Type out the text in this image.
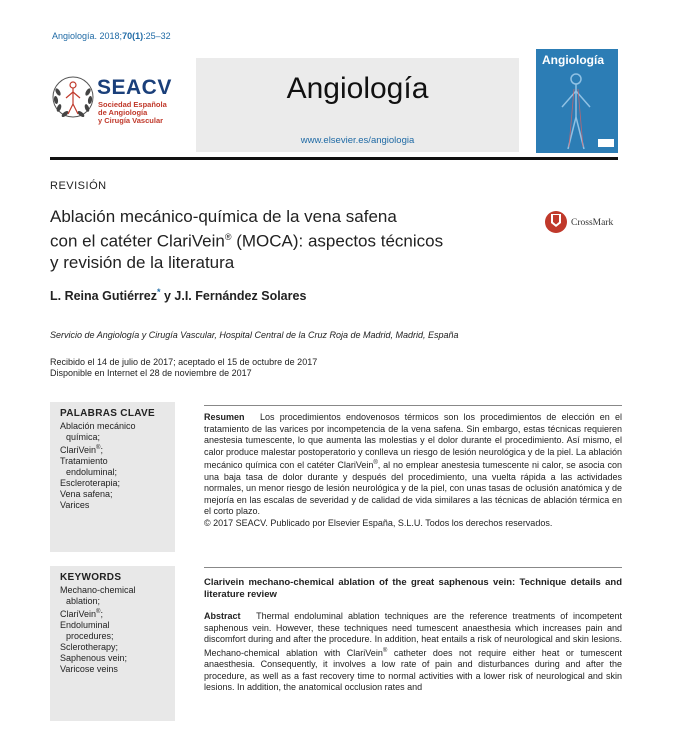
Angiología. 2018;70(1):25–32
SEACV
Sociedad Española
de Angiología
y Cirugía Vascular
Angiología
www.elsevier.es/angiologia
Angiología
REVISIÓN
Ablación mecánico-química de la vena safena
con el catéter ClariVein® (MOCA): aspectos técnicos
y revisión de la literatura
CrossMark
L. Reina Gutiérrez* y J.I. Fernández Solares
Servicio de Angiología y Cirugía Vascular, Hospital Central de la Cruz Roja de Madrid, Madrid, España
Recibido el 14 de julio de 2017; aceptado el 15 de octubre de 2017
Disponible en Internet el 28 de noviembre de 2017
PALABRAS CLAVE
Ablación mecánico
química;
ClariVein®;
Tratamiento
endoluminal;
Escleroterapia;
Vena safena;
Varices
Resumen Los procedimientos endovenosos térmicos son los procedimientos de elección en el tratamiento de las varices por incompetencia de la vena safena. Sin embargo, estas técnicas requieren anestesia tumescente, lo que aumenta las molestias y el dolor durante el procedimiento. Así mismo, el calor produce malestar postoperatorio y conlleva un riesgo de lesión neurológica y de la piel. La ablación mecánico química con el catéter ClariVein®, al no emplear anestesia tumescente ni calor, se asocia con una baja tasa de dolor durante y después del procedimiento, una vuelta rápida a las actividades normales, un menor riesgo de lesión neurológica y de la piel, con unas tasas de oclusión anatómica y de mejoría en las escalas de severidad y de calidad de vida similares a las técnicas de ablación térmica en el corto plazo.
© 2017 SEACV. Publicado por Elsevier España, S.L.U. Todos los derechos reservados.
KEYWORDS
Mechano-chemical
ablation;
ClariVein®;
Endoluminal
procedures;
Sclerotherapy;
Saphenous vein;
Varicose veins
Clarivein mechano-chemical ablation of the great saphenous vein: Technique details and literature review
Abstract Thermal endoluminal ablation techniques are the reference treatments of incompetent saphenous vein. However, these techniques need tumescent anaesthesia which increases pain and discomfort during and after the procedure. In addition, heat entails a risk of neurological and skin lesions. Mechano-chemical ablation with ClariVein® catheter does not require either heat or tumescent anaesthesia. Consequently, it involves a low rate of pain and disturbances during and after the procedure, as well as a fast recovery time to normal activities with a lower risk of neurological and skin lesions. In addition, the anatomical occlusion rates and
